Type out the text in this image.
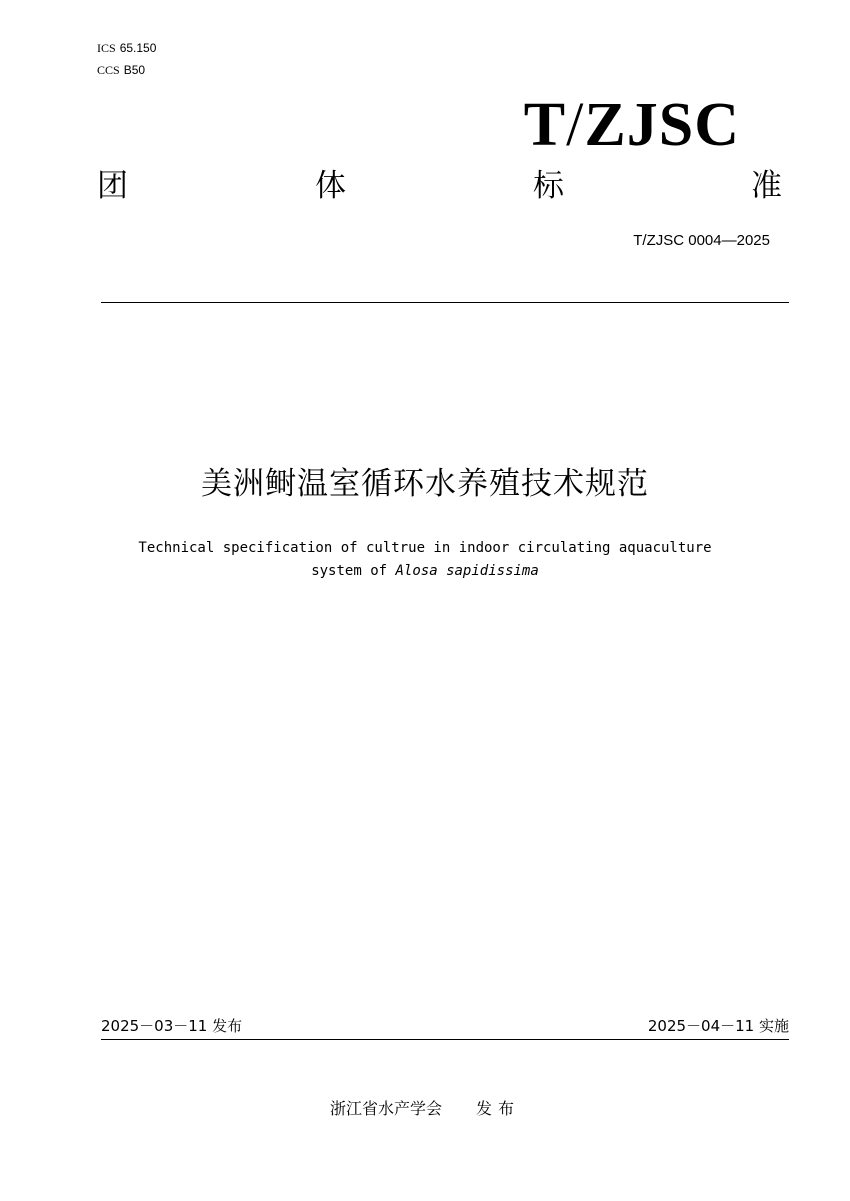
ICS 65.150
CCS B50
T/ZJSC
团	体	标	准
T/ZJSC 0004—2025
美洲鲥温室循环水养殖技术规范
Technical specification of cultrue in indoor circulating aquaculture
system of Alosa sapidissima
2025－03－11 发布	2025－04－11 实施
浙江省水产学会 发布
